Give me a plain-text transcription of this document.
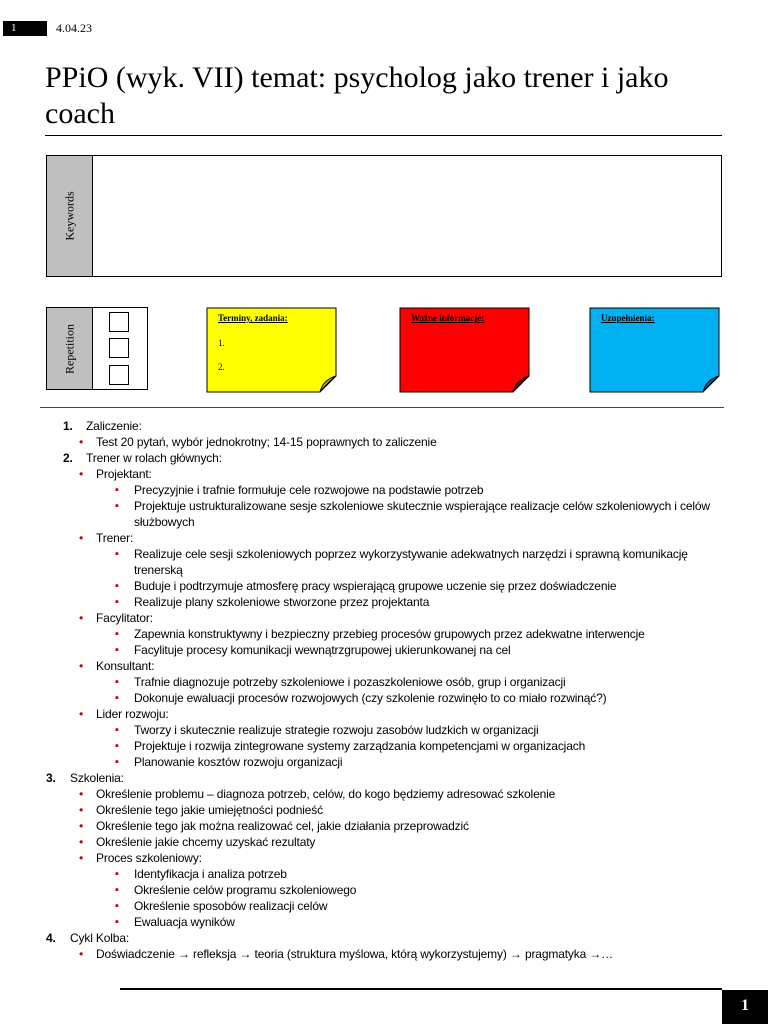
1	4.04.23
PPiO (wyk. VII) temat: psycholog jako trener i jako coach
Keywords
Repetition
Terminy, zadania:
1.
2.
Ważne informacje:	Uzupełnienia:
1. Zaliczenie:
• Test 20 pytań, wybór jednokrotny; 14-15 poprawnych to zaliczenie
2. Trener w rolach głównych:
• Projektant:
▪ Precyzyjnie i trafnie formułuje cele rozwojowe na podstawie potrzeb
▪ Projektuje ustrukturalizowane sesje szkoleniowe skutecznie wspierające realizacje celów szkoleniowych i celów służbowych
• Trener:
▪ Realizuje cele sesji szkoleniowych poprzez wykorzystywanie adekwatnych narzędzi i sprawną komunikację trenerską
▪ Buduje i podtrzymuje atmosferę pracy wspierającą grupowe uczenie się przez doświadczenie
▪ Realizuje plany szkoleniowe stworzone przez projektanta
• Facylitator:
▪ Zapewnia konstruktywny i bezpieczny przebieg procesów grupowych przez adekwatne interwencje
▪ Facylituje procesy komunikacji wewnątrzgrupowej ukierunkowanej na cel
• Konsultant:
▪ Trafnie diagnozuje potrzeby szkoleniowe i pozaszkoleniowe osób, grup i organizacji
▪ Dokonuje ewaluacji procesów rozwojowych (czy szkolenie rozwinęło to co miało rozwinąć?)
• Lider rozwoju:
▪ Tworzy i skutecznie realizuje strategie rozwoju zasobów ludzkich w organizacji
▪ Projektuje i rozwija zintegrowane systemy zarządzania kompetencjami w organizacjach
▪ Planowanie kosztów rozwoju organizacji
3. Szkolenia:
• Określenie problemu – diagnoza potrzeb, celów, do kogo będziemy adresować szkolenie
• Określenie tego jakie umiejętności podnieść
• Określenie tego jak można realizować cel, jakie działania przeprowadzić
• Określenie jakie chcemy uzyskać rezultaty
• Proces szkoleniowy:
▪ Identyfikacja i analiza potrzeb
▪ Określenie celów programu szkoleniowego
▪ Określenie sposobów realizacji celów
▪ Ewaluacja wyników
4. Cykl Kolba:
• Doświadczenie → refleksja → teoria (struktura myślowa, którą wykorzystujemy) → pragmatyka →…
1
